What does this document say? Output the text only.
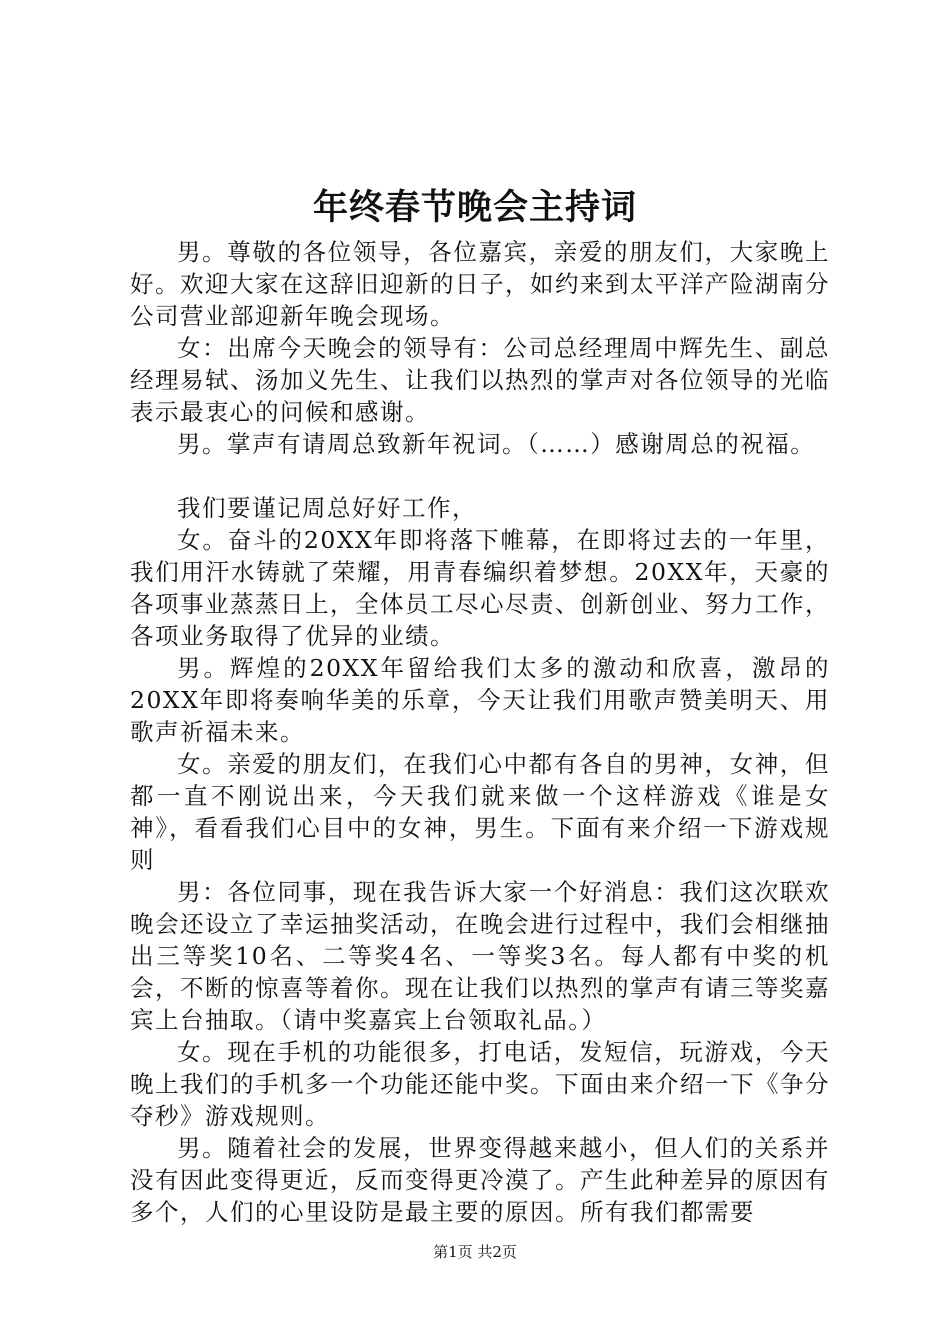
年终春节晚会主持词

男。尊敬的各位领导，各位嘉宾，亲爱的朋友们，大家晚上好。欢迎大家在这辞旧迎新的日子，如约来到太平洋产险湖南分公司营业部迎新年晚会现场。

女：出席今天晚会的领导有：公司总经理周中辉先生、副总经理易轼、汤加义先生、让我们以热烈的掌声对各位领导的光临表示最衷心的问候和感谢。

男。掌声有请周总致新年祝词。（……）感谢周总的祝福。

我们要谨记周总好好工作，

女。奋斗的20XX年即将落下帷幕，在即将过去的一年里，我们用汗水铸就了荣耀，用青春编织着梦想。20XX年，天豪的各项事业蒸蒸日上，全体员工尽心尽责、创新创业、努力工作，各项业务取得了优异的业绩。

男。辉煌的20XX年留给我们太多的激动和欣喜，激昂的20XX年即将奏响华美的乐章，今天让我们用歌声赞美明天、用歌声祈福未来。

女。亲爱的朋友们，在我们心中都有各自的男神，女神，但都一直不刚说出来，今天我们就来做一个这样游戏《谁是女神》，看看我们心目中的女神，男生。下面有来介绍一下游戏规则

男：各位同事，现在我告诉大家一个好消息：我们这次联欢晚会还设立了幸运抽奖活动，在晚会进行过程中，我们会相继抽出三等奖10名、二等奖4名、一等奖3名。每人都有中奖的机会，不断的惊喜等着你。现在让我们以热烈的掌声有请三等奖嘉宾上台抽取。（请中奖嘉宾上台领取礼品。）

女。现在手机的功能很多，打电话，发短信，玩游戏，今天晚上我们的手机多一个功能还能中奖。下面由来介绍一下《争分夺秒》游戏规则。

男。随着社会的发展，世界变得越来越小，但人们的关系并没有因此变得更近，反而变得更冷漠了。产生此种差异的原因有多个，人们的心里设防是最主要的原因。所有我们都需要

第1页 共2页
